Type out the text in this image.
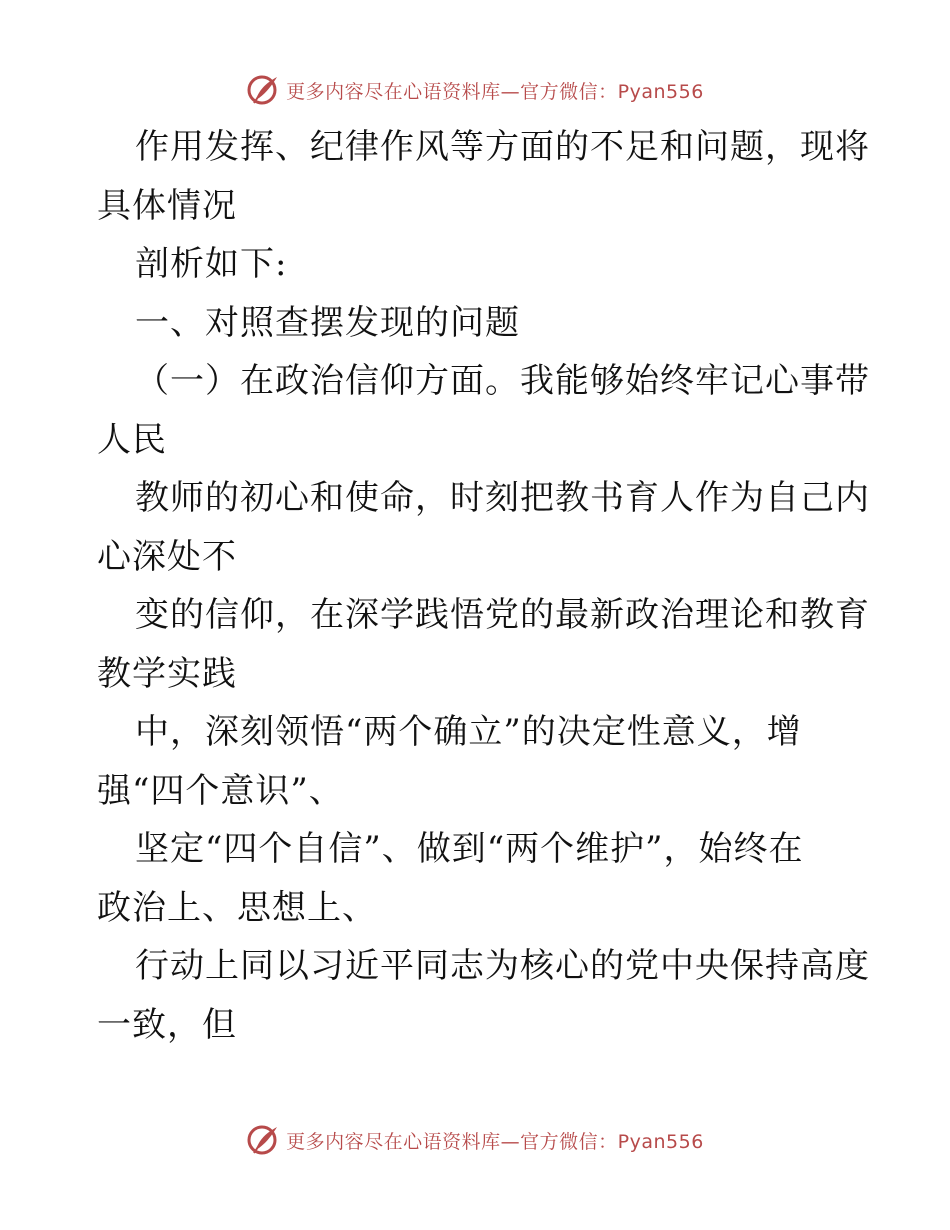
更多内容尽在心语资料库—官方微信：Pyan556
作用发挥、纪律作风等方面的不足和问题，现将
具体情况
剖析如下:
一、对照查摆发现的问题
（一）在政治信仰方面。我能够始终牢记心事带
人民
教师的初心和使命，时刻把教书育人作为自己内
心深处不
变的信仰，在深学践悟党的最新政治理论和教育
教学实践
中，深刻领悟“两个确立”的决定性意义，增
强“四个意识”、
坚定“四个自信”、做到“两个维护”，始终在
政治上、思想上、
行动上同以习近平同志为核心的党中央保持高度
一致，但
更多内容尽在心语资料库—官方微信：Pyan556
